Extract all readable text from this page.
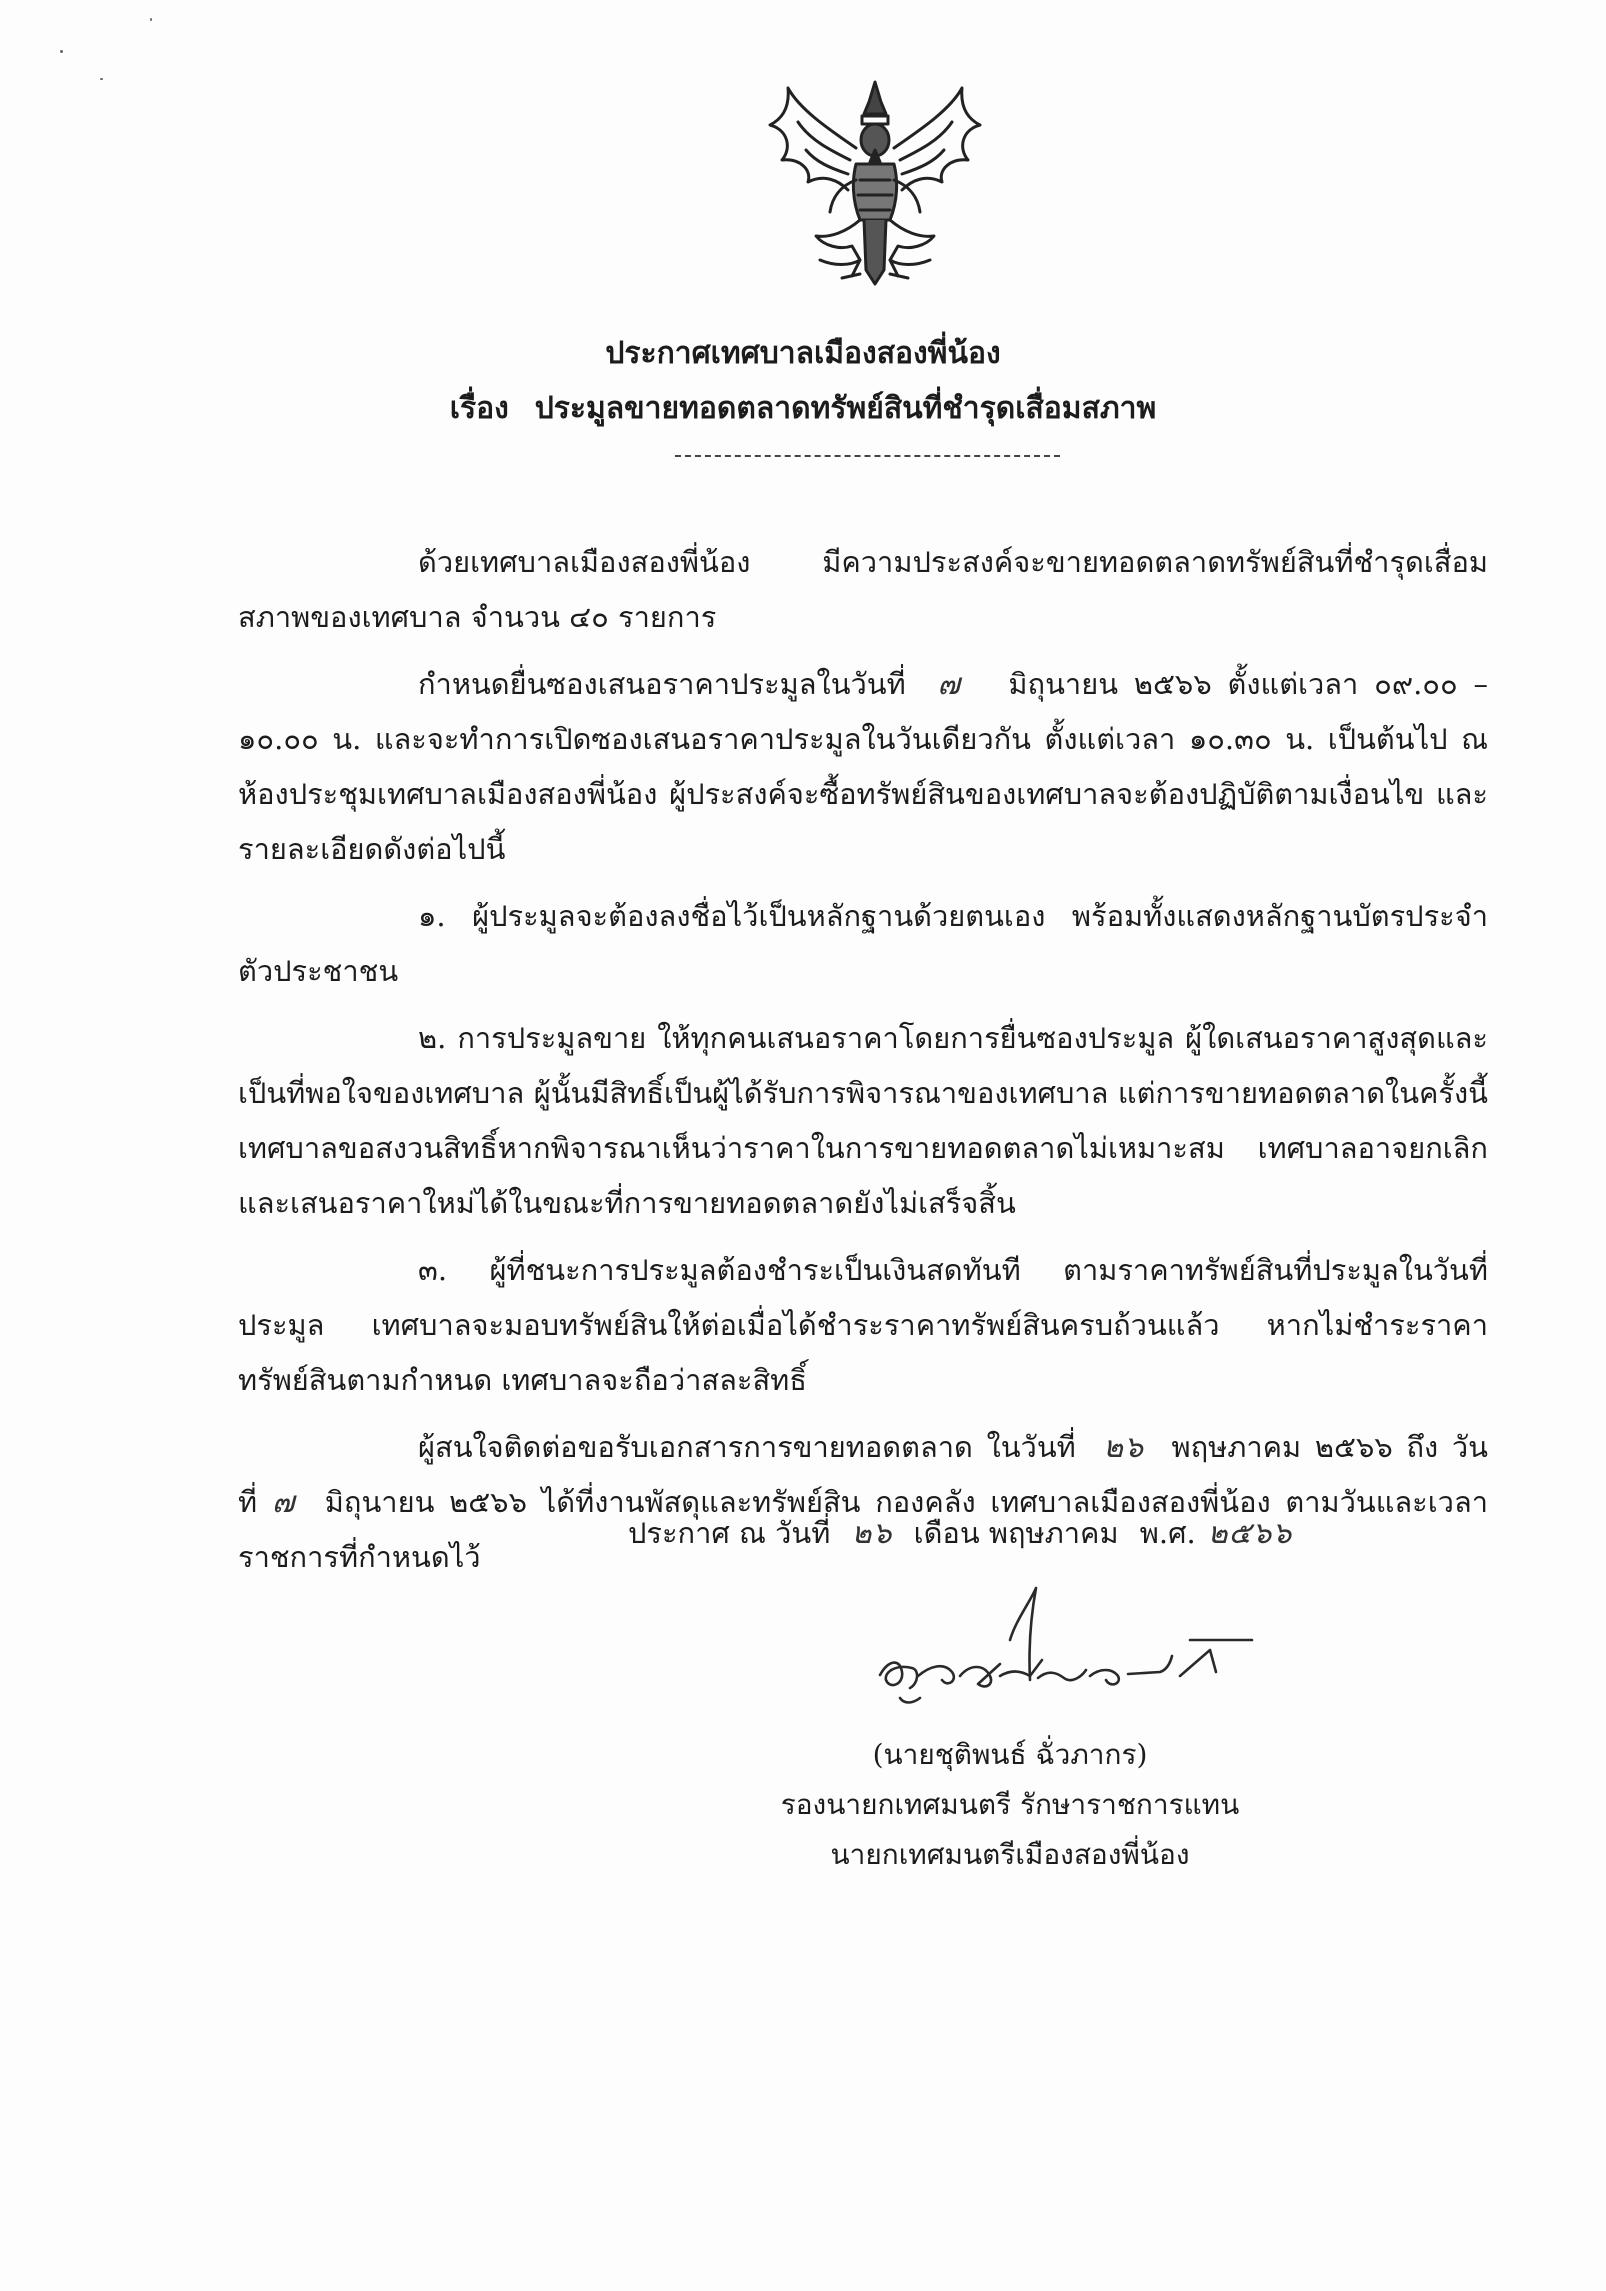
ประกาศเทศบาลเมืองสองพี่น้อง
เรื่อง ประมูลขายทอดตลาดทรัพย์สินที่ชำรุดเสื่อมสภาพ

ด้วยเทศบาลเมืองสองพี่น้อง มีความประสงค์จะขายทอดตลาดทรัพย์สินที่ชำรุดเสื่อมสภาพของเทศบาล จำนวน ๔๐ รายการ

กำหนดยื่นซองเสนอราคาประมูลในวันที่ ๗ มิถุนายน ๒๕๖๖ ตั้งแต่เวลา ๐๙.๐๐ – ๑๐.๐๐ น. และจะทำการเปิดซองเสนอราคาประมูลในวันเดียวกัน ตั้งแต่เวลา ๑๐.๓๐ น. เป็นต้นไป ณ ห้องประชุมเทศบาลเมืองสองพี่น้อง ผู้ประสงค์จะซื้อทรัพย์สินของเทศบาลจะต้องปฏิบัติตามเงื่อนไข และรายละเอียดดังต่อไปนี้

๑. ผู้ประมูลจะต้องลงชื่อไว้เป็นหลักฐานด้วยตนเอง พร้อมทั้งแสดงหลักฐานบัตรประจำตัวประชาชน

๒. การประมูลขาย ให้ทุกคนเสนอราคาโดยการยื่นซองประมูล ผู้ใดเสนอราคาสูงสุดและเป็นที่พอใจของเทศบาล ผู้นั้นมีสิทธิ์เป็นผู้ได้รับการพิจารณาของเทศบาล แต่การขายทอดตลาดในครั้งนี้เทศบาลขอสงวนสิทธิ์หากพิจารณาเห็นว่าราคาในการขายทอดตลาดไม่เหมาะสม เทศบาลอาจยกเลิกและเสนอราคาใหม่ได้ในขณะที่การขายทอดตลาดยังไม่เสร็จสิ้น

๓. ผู้ที่ชนะการประมูลต้องชำระเป็นเงินสดทันที ตามราคาทรัพย์สินที่ประมูลในวันที่ประมูล เทศบาลจะมอบทรัพย์สินให้ต่อเมื่อได้ชำระราคาทรัพย์สินครบถ้วนแล้ว หากไม่ชำระราคาทรัพย์สินตามกำหนด เทศบาลจะถือว่าสละสิทธิ์

ผู้สนใจติดต่อขอรับเอกสารการขายทอดตลาด ในวันที่ ๒๖ พฤษภาคม ๒๕๖๖ ถึง วันที่ ๗ มิถุนายน ๒๕๖๖ ได้ที่งานพัสดุและทรัพย์สิน กองคลัง เทศบาลเมืองสองพี่น้อง ตามวันและเวลาราชการที่กำหนดไว้

ประกาศ ณ วันที่ ๒๖ เดือน พฤษภาคม พ.ศ. ๒๕๖๖
(นายชุติพนธ์ ฉั่วภากร)
รองนายกเทศมนตรี รักษาราชการแทน
นายกเทศมนตรีเมืองสองพี่น้อง
